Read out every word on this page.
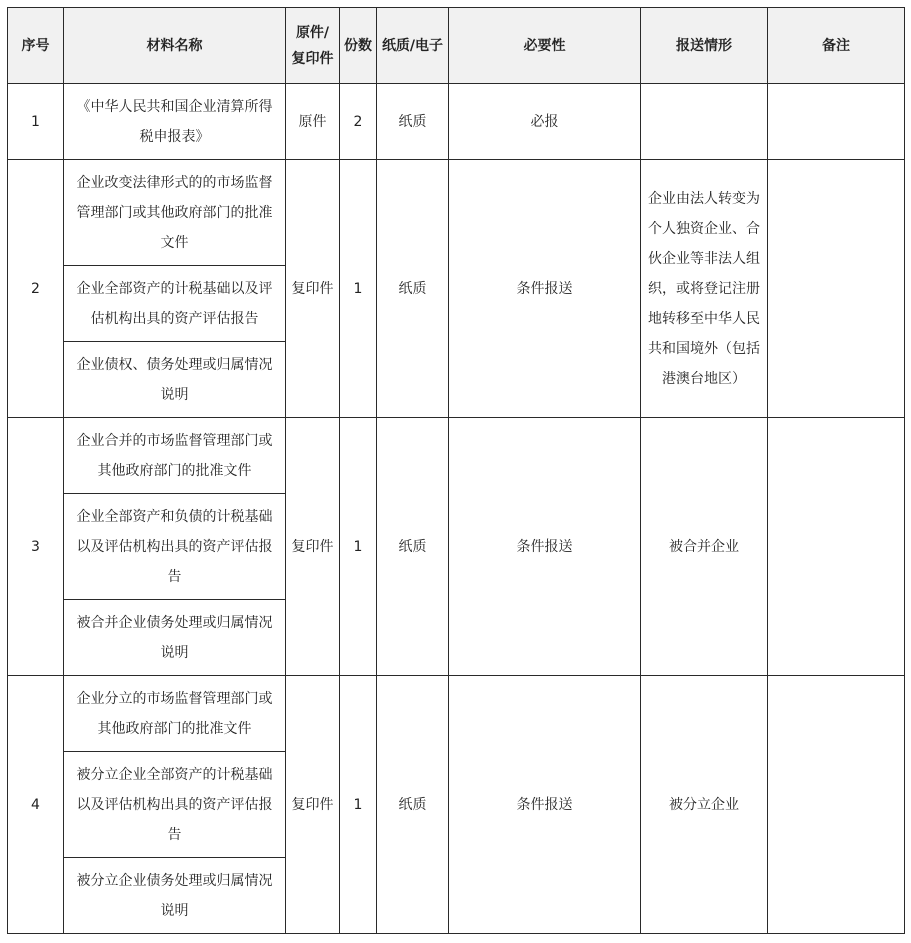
序号	材料名称	原件/复印件	份数	纸质/电子	必要性	报送情形	备注
1	《中华人民共和国企业清算所得税申报表》	原件	2	纸质	必报		
2	企业改变法律形式的的市场监督管理部门或其他政府部门的批准文件	复印件	1	纸质	条件报送	企业由法人转变为个人独资企业、合伙企业等非法人组织，或将登记注册地转移至中华人民共和国境外（包括港澳台地区）	
	企业全部资产的计税基础以及评估机构出具的资产评估报告						
	企业债权、债务处理或归属情况说明						
3	企业合并的市场监督管理部门或其他政府部门的批准文件	复印件	1	纸质	条件报送	被合并企业	
	企业全部资产和负债的计税基础以及评估机构出具的资产评估报告						
	被合并企业债务处理或归属情况说明						
4	企业分立的市场监督管理部门或其他政府部门的批准文件	复印件	1	纸质	条件报送	被分立企业	
	被分立企业全部资产的计税基础以及评估机构出具的资产评估报告						
	被分立企业债务处理或归属情况说明						
